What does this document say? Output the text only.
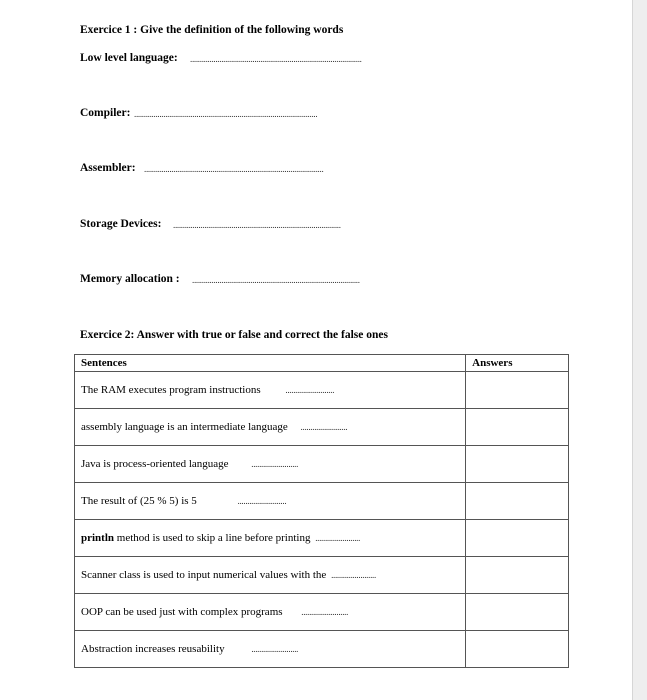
Exercice 1 : Give the definition of the following words
Low level language: ........................................................................................
Compiler: ..............................................................................................
Assembler: ............................................................................................
Storage Devices: ......................................................................................
Memory allocation : ......................................................................................
Exercice 2: Answer with true or false and correct the false ones
Sentences	Answers
The RAM executes program instructions .........................	
assembly language is an intermediate language ........................	
Java is process-oriented language ........................	
The result of (25 % 5) is 5 .........................	
println method is used to skip a line before printing .......................	
Scanner class is used to input numerical values with the .......................	
OOP can be used just with complex programs ........................	
Abstraction increases reusability ........................	
